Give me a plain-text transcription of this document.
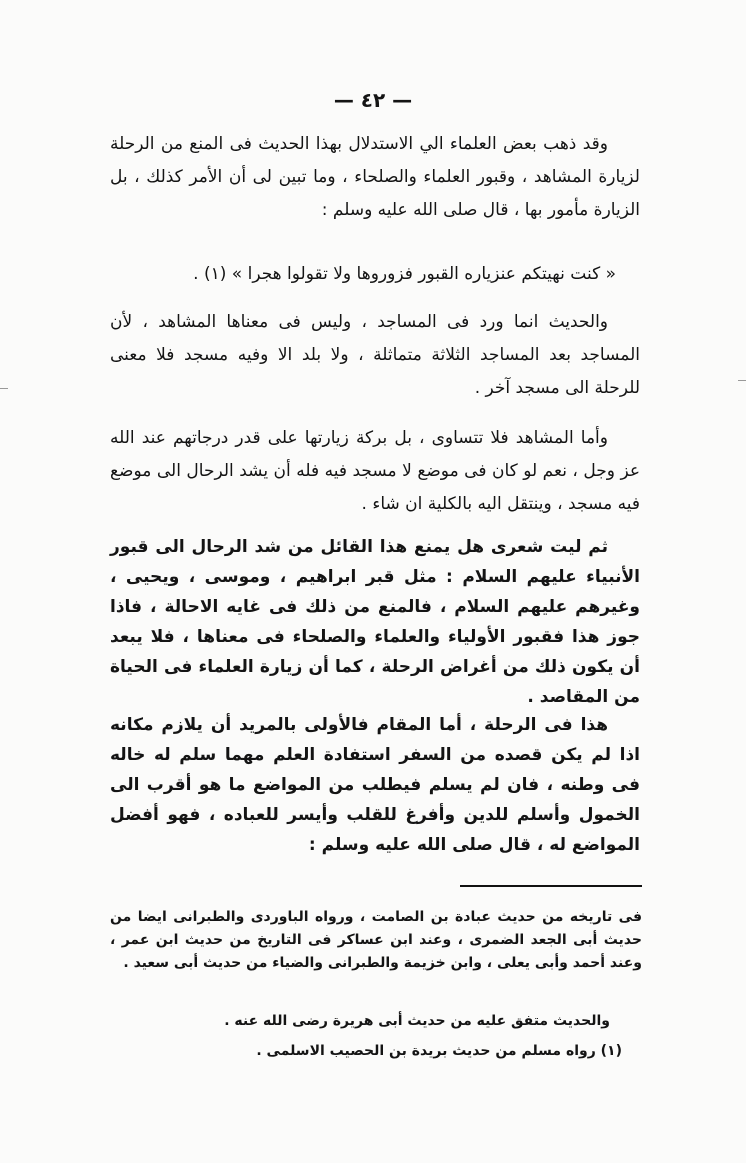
— ٤٢ —

وقد ذهب بعض العلماء الي الاستدلال بهذا الحديث فى المنع من الرحلة لزيارة المشاهد ، وقبور العلماء والصلحاء ، وما تبين لى أن الأمر كذلك ، بل الزيارة مأمور بها ، قال صلى الله عليه وسلم :

« كنت نهيتكم عنزياره القبور فزوروها ولا تقولوا هجرا » (١) .

والحديث انما ورد فى المساجد ، وليس فى معناها المشاهد ، لأن المساجد بعد المساجد الثلاثة متماثلة ، ولا بلد الا وفيه مسجد فلا معنى للرحلة الى مسجد آخر .

وأما المشاهد فلا تتساوى ، بل بركة زيارتها على قدر درجاتهم عند الله عز وجل ، نعم لو كان فى موضع لا مسجد فيه فله أن يشد الرحال الى موضع فيه مسجد ، وينتقل اليه بالكلية ان شاء .

ثم ليت شعرى هل يمنع هذا القائل من شد الرحال الى قبور الأنبياء عليهم السلام : مثل قبر ابراهيم ، وموسى ، ويحيى ، وغيرهم عليهم السلام ، فالمنع من ذلك فى غايه الاحالة ، فاذا جوز هذا فقبور الأولياء والعلماء والصلحاء فى معناها ، فلا يبعد أن يكون ذلك من أغراض الرحلة ، كما أن زيارة العلماء فى الحياة من المقاصد .

هذا فى الرحلة ، أما المقام فالأولى بالمريد أن يلازم مكانه اذا لم يكن قصده من السفر استفادة العلم مهما سلم له خاله فى وطنه ، فان لم يسلم فيطلب من المواضع ما هو أقرب الى الخمول وأسلم للدين وأفرغ للقلب وأيسر للعباده ، فهو أفضل المواضع له ، قال صلى الله عليه وسلم :

فى تاريخه من حديث عبادة بن الصامت ، ورواه الباوردى والطبرانى ايضا من حديث أبى الجعد الضمرى ، وعند ابن عساكر فى التاريخ من حديث ابن عمر ، وعند أحمد وأبى يعلى ، وابن خزيمة والطبرانى والضياء من حديث أبى سعيد .

والحديث متفق عليه من حديث أبى هريرة رضى الله عنه .

(١) رواه مسلم من حديث بريدة بن الحصيب الاسلمى .
